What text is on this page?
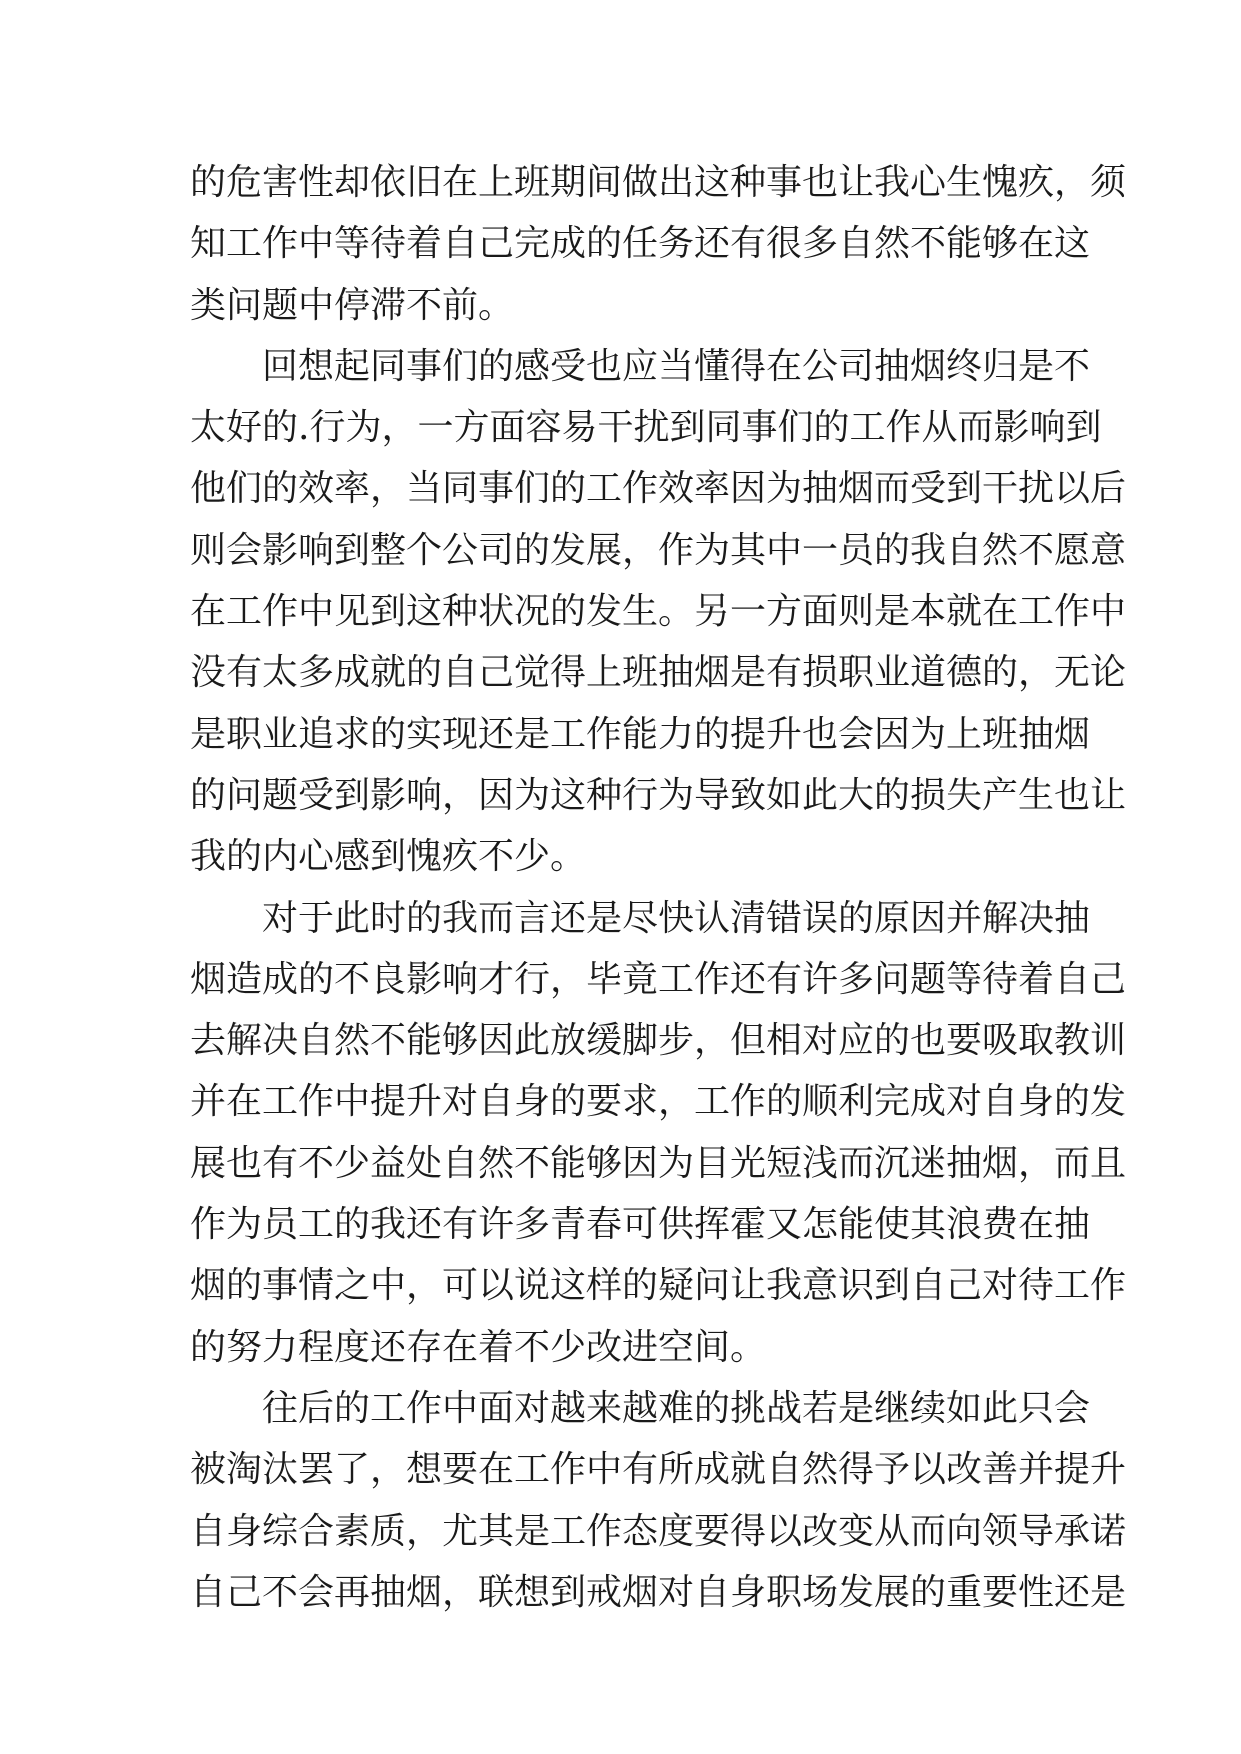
的危害性却依旧在上班期间做出这种事也让我心生愧疚，须
知工作中等待着自己完成的任务还有很多自然不能够在这
类问题中停滞不前。
回想起同事们的感受也应当懂得在公司抽烟终归是不
太好的.行为，一方面容易干扰到同事们的工作从而影响到
他们的效率，当同事们的工作效率因为抽烟而受到干扰以后
则会影响到整个公司的发展，作为其中一员的我自然不愿意
在工作中见到这种状况的发生。另一方面则是本就在工作中
没有太多成就的自己觉得上班抽烟是有损职业道德的，无论
是职业追求的实现还是工作能力的提升也会因为上班抽烟
的问题受到影响，因为这种行为导致如此大的损失产生也让
我的内心感到愧疚不少。
对于此时的我而言还是尽快认清错误的原因并解决抽
烟造成的不良影响才行，毕竟工作还有许多问题等待着自己
去解决自然不能够因此放缓脚步，但相对应的也要吸取教训
并在工作中提升对自身的要求，工作的顺利完成对自身的发
展也有不少益处自然不能够因为目光短浅而沉迷抽烟，而且
作为员工的我还有许多青春可供挥霍又怎能使其浪费在抽
烟的事情之中，可以说这样的疑问让我意识到自己对待工作
的努力程度还存在着不少改进空间。
往后的工作中面对越来越难的挑战若是继续如此只会
被淘汰罢了，想要在工作中有所成就自然得予以改善并提升
自身综合素质，尤其是工作态度要得以改变从而向领导承诺
自己不会再抽烟，联想到戒烟对自身职场发展的重要性还是
